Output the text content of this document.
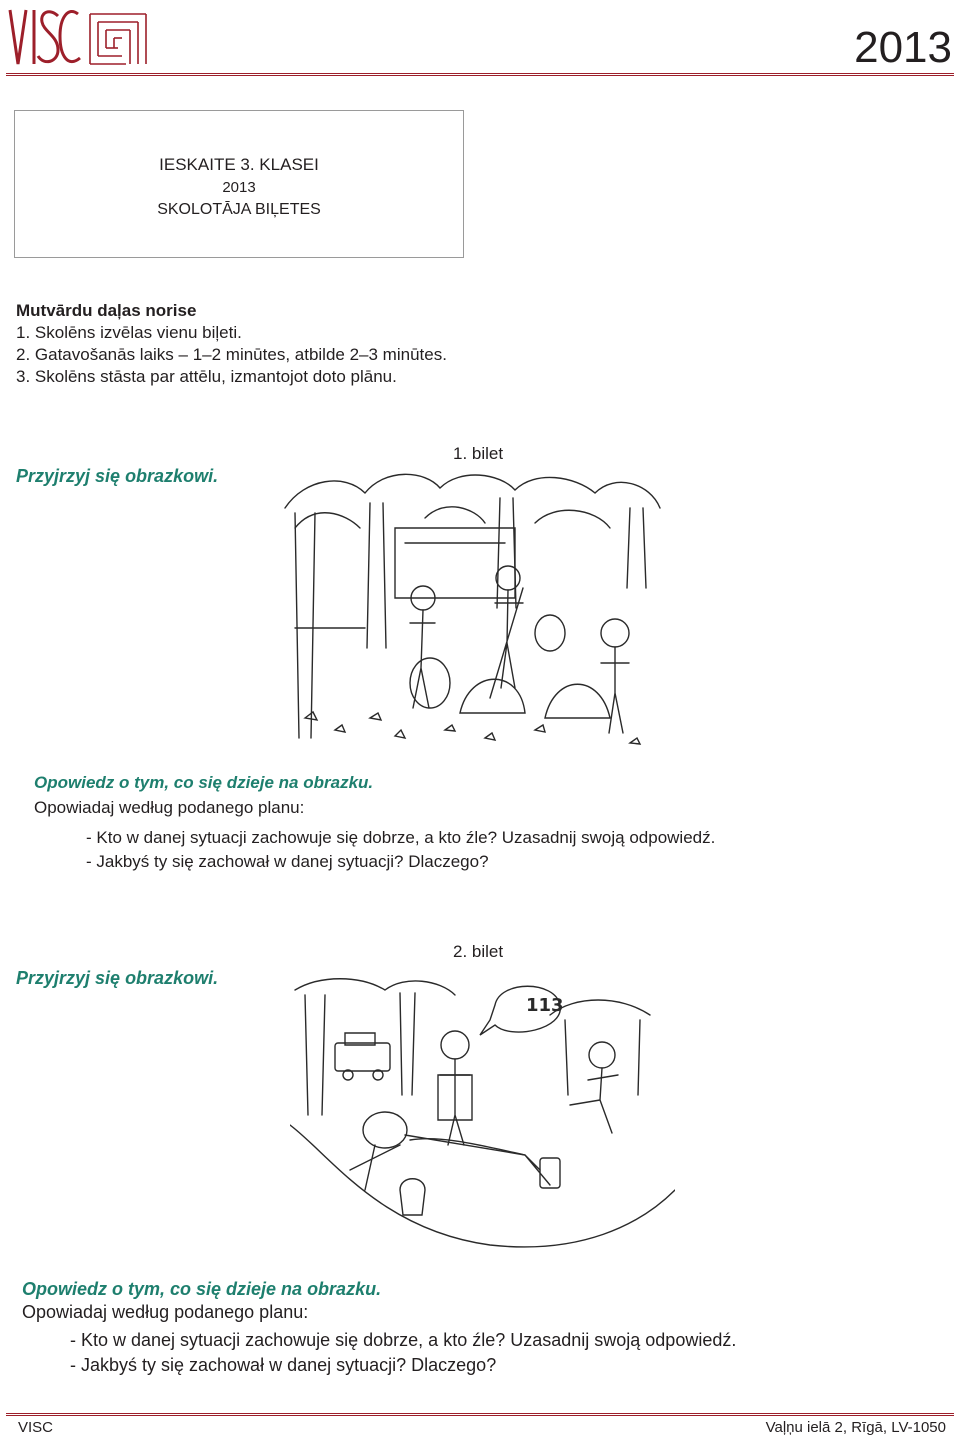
2013
IESKAITE 3. KLASEI
2013
SKOLOTĀJA BIĻETES
Mutvārdu daļas norise
1. Skolēns izvēlas vienu biļeti.
2. Gatavošanās laiks – 1–2 minūtes, atbilde 2–3 minūtes.
3. Skolēns stāsta par attēlu, izmantojot doto plānu.
Przyjrzyj się obrazkowi.
1. bilet
Opowiedz o tym, co się dzieje na obrazku.
Opowiadaj według podanego planu:
- Kto w danej sytuacji zachowuje się dobrze, a kto źle? Uzasadnij swoją odpowiedź.
- Jakbyś ty się zachował w danej sytuacji? Dlaczego?
Przyjrzyj się obrazkowi.
2. bilet
113
Opowiedz o tym, co się dzieje na obrazku.
Opowiadaj według podanego planu:
- Kto w danej sytuacji zachowuje się dobrze, a kto źle? Uzasadnij swoją odpowiedź.
- Jakbyś ty się zachował w danej sytuacji? Dlaczego?
VISC	Vaļņu ielā 2, Rīgā, LV-1050
